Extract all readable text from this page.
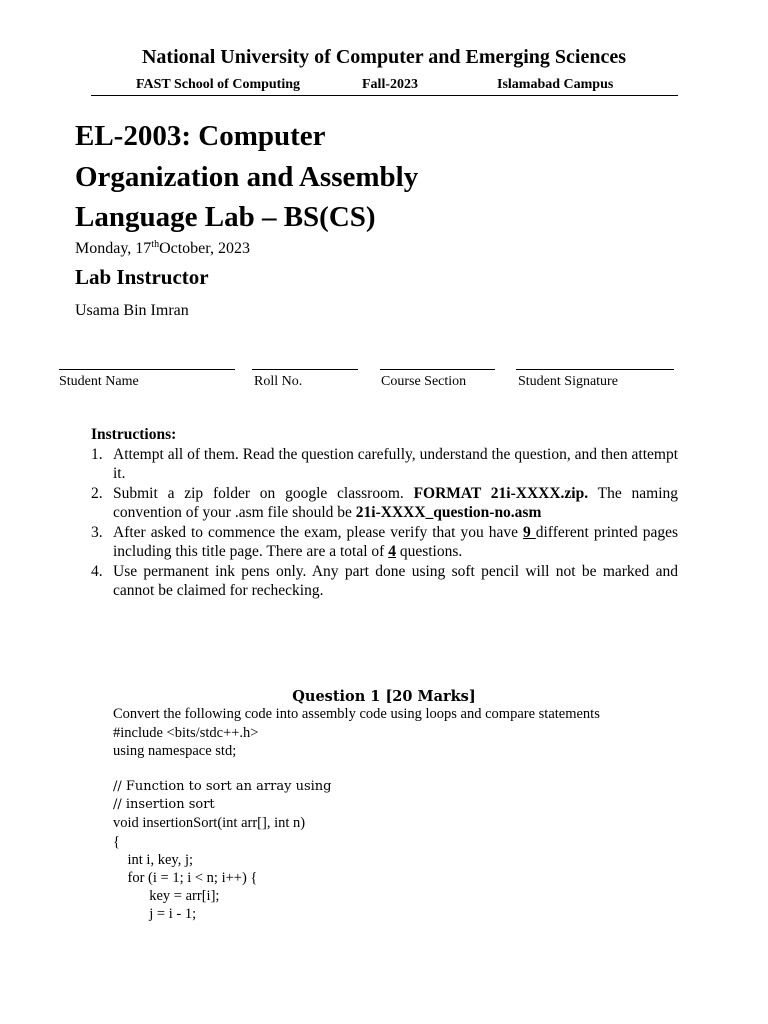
National University of Computer and Emerging Sciences
FAST School of Computing	Fall-2023	Islamabad Campus
EL-2003: Computer
Organization and Assembly
Language Lab – BS(CS)
Monday, 17thOctober, 2023
Lab Instructor
Usama Bin Imran
Student Name	Roll No.	Course Section	Student Signature
Instructions:
1. Attempt all of them. Read the question carefully, understand the question, and then attempt it.
2. Submit a zip folder on google classroom. FORMAT 21i-XXXX.zip. The naming convention of your .asm file should be 21i-XXXX_question-no.asm
3. After asked to commence the exam, please verify that you have 9 different printed pages including this title page. There are a total of 4 questions.
4. Use permanent ink pens only. Any part done using soft pencil will not be marked and cannot be claimed for rechecking.
Question 1 [20 Marks]
Convert the following code into assembly code using loops and compare statements
#include <bits/stdc++.h>
using namespace std;
// Function to sort an array using
// insertion sort
void insertionSort(int arr[], int n)
{
int i, key, j;
for (i = 1; i < n; i++) {
key = arr[i];
j = i - 1;
